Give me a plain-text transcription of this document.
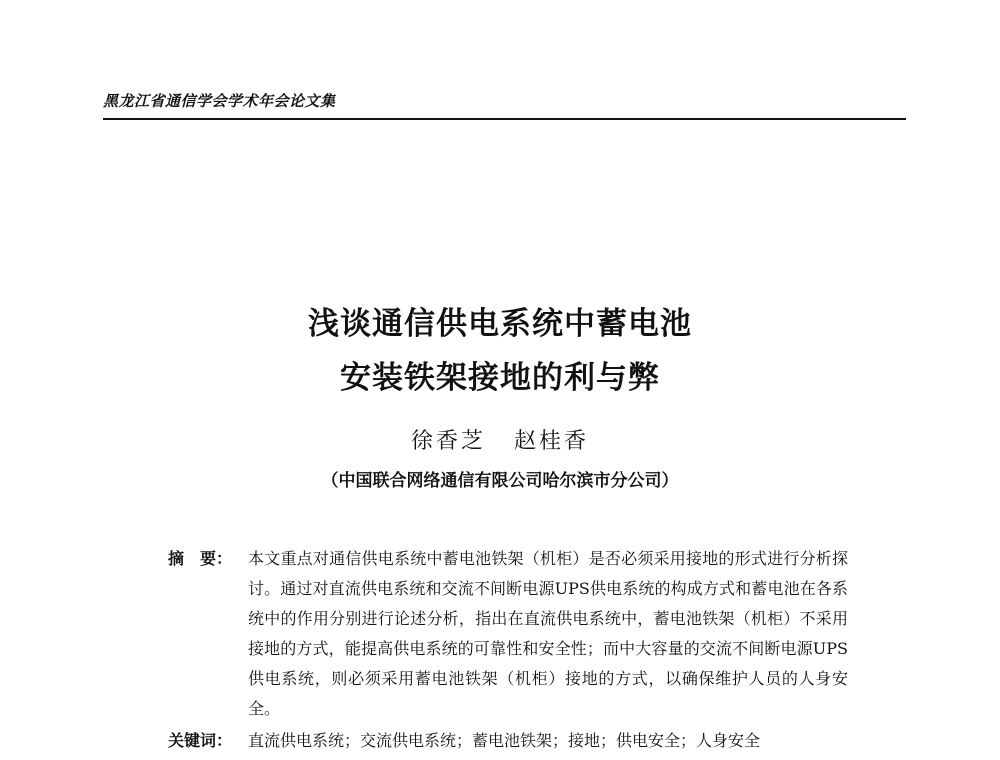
黑龙江省通信学会学术年会论文集
浅谈通信供电系统中蓄电池
安装铁架接地的利与弊
徐香芝 赵桂香
（中国联合网络通信有限公司哈尔滨市分公司）
摘 要： 本文重点对通信供电系统中蓄电池铁架（机柜）是否必须采用接地的形式进行分析探讨。通过对直流供电系统和交流不间断电源UPS供电系统的构成方式和蓄电池在各系统中的作用分别进行论述分析，指出在直流供电系统中，蓄电池铁架（机柜）不采用接地的方式，能提高供电系统的可靠性和安全性；而中大容量的交流不间断电源UPS供电系统，则必须采用蓄电池铁架（机柜）接地的方式，以确保维护人员的人身安全。
关键词： 直流供电系统；交流供电系统；蓄电池铁架；接地；供电安全；人身安全
